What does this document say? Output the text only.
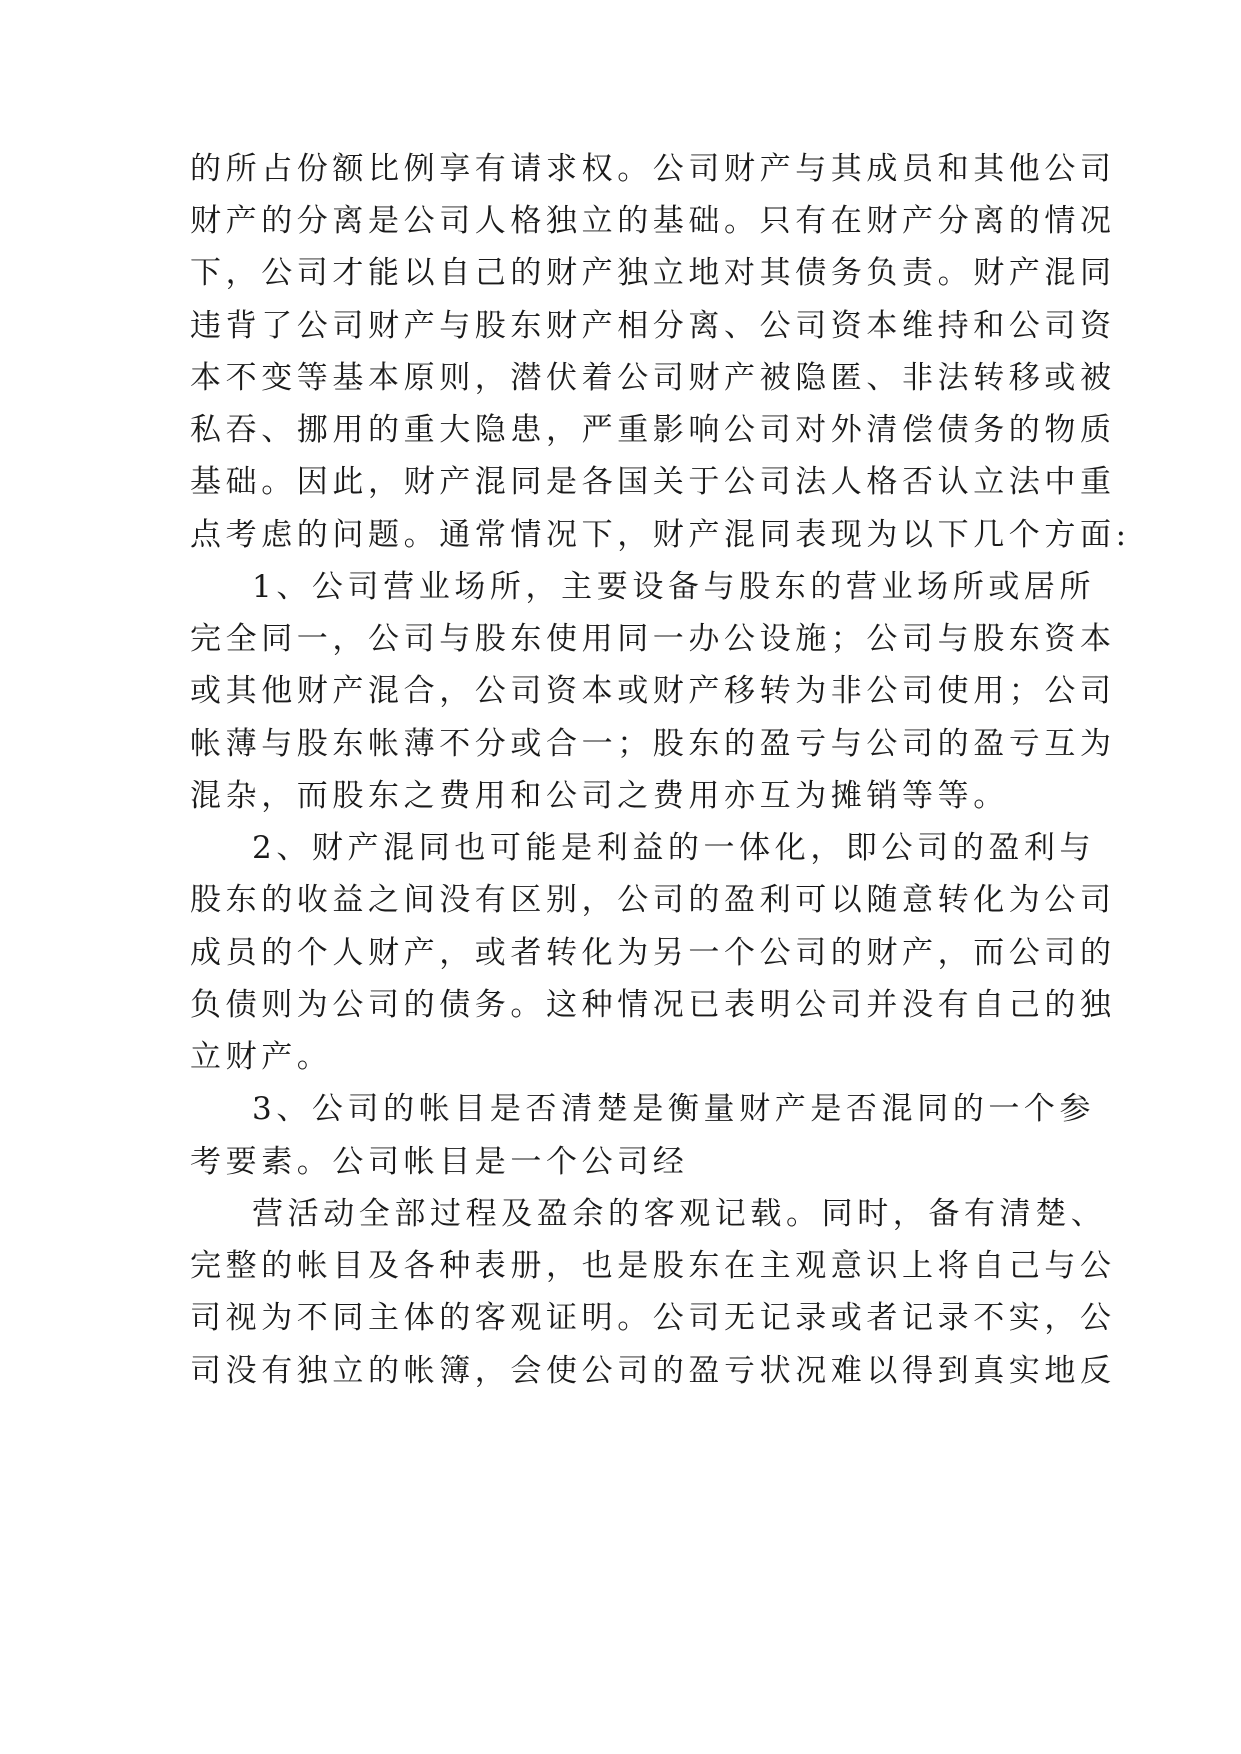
的所占份额比例享有请求权。公司财产与其成员和其他公司

财产的分离是公司人格独立的基础。只有在财产分离的情况

下，公司才能以自己的财产独立地对其债务负责。财产混同

违背了公司财产与股东财产相分离、公司资本维持和公司资

本不变等基本原则，潜伏着公司财产被隐匿、非法转移或被

私吞、挪用的重大隐患，严重影响公司对外清偿债务的物质

基础。因此，财产混同是各国关于公司法人格否认立法中重

点考虑的问题。通常情况下，财产混同表现为以下几个方面:

1、公司营业场所，主要设备与股东的营业场所或居所

完全同一，公司与股东使用同一办公设施；公司与股东资本

或其他财产混合，公司资本或财产移转为非公司使用；公司

帐薄与股东帐薄不分或合一；股东的盈亏与公司的盈亏互为

混杂，而股东之费用和公司之费用亦互为摊销等等。

2、财产混同也可能是利益的一体化，即公司的盈利与

股东的收益之间没有区别，公司的盈利可以随意转化为公司

成员的个人财产，或者转化为另一个公司的财产，而公司的

负债则为公司的债务。这种情况已表明公司并没有自己的独

立财产。

3、公司的帐目是否清楚是衡量财产是否混同的一个参

考要素。公司帐目是一个公司经

营活动全部过程及盈余的客观记载。同时，备有清楚、

完整的帐目及各种表册，也是股东在主观意识上将自己与公

司视为不同主体的客观证明。公司无记录或者记录不实，公

司没有独立的帐簿，会使公司的盈亏状况难以得到真实地反
